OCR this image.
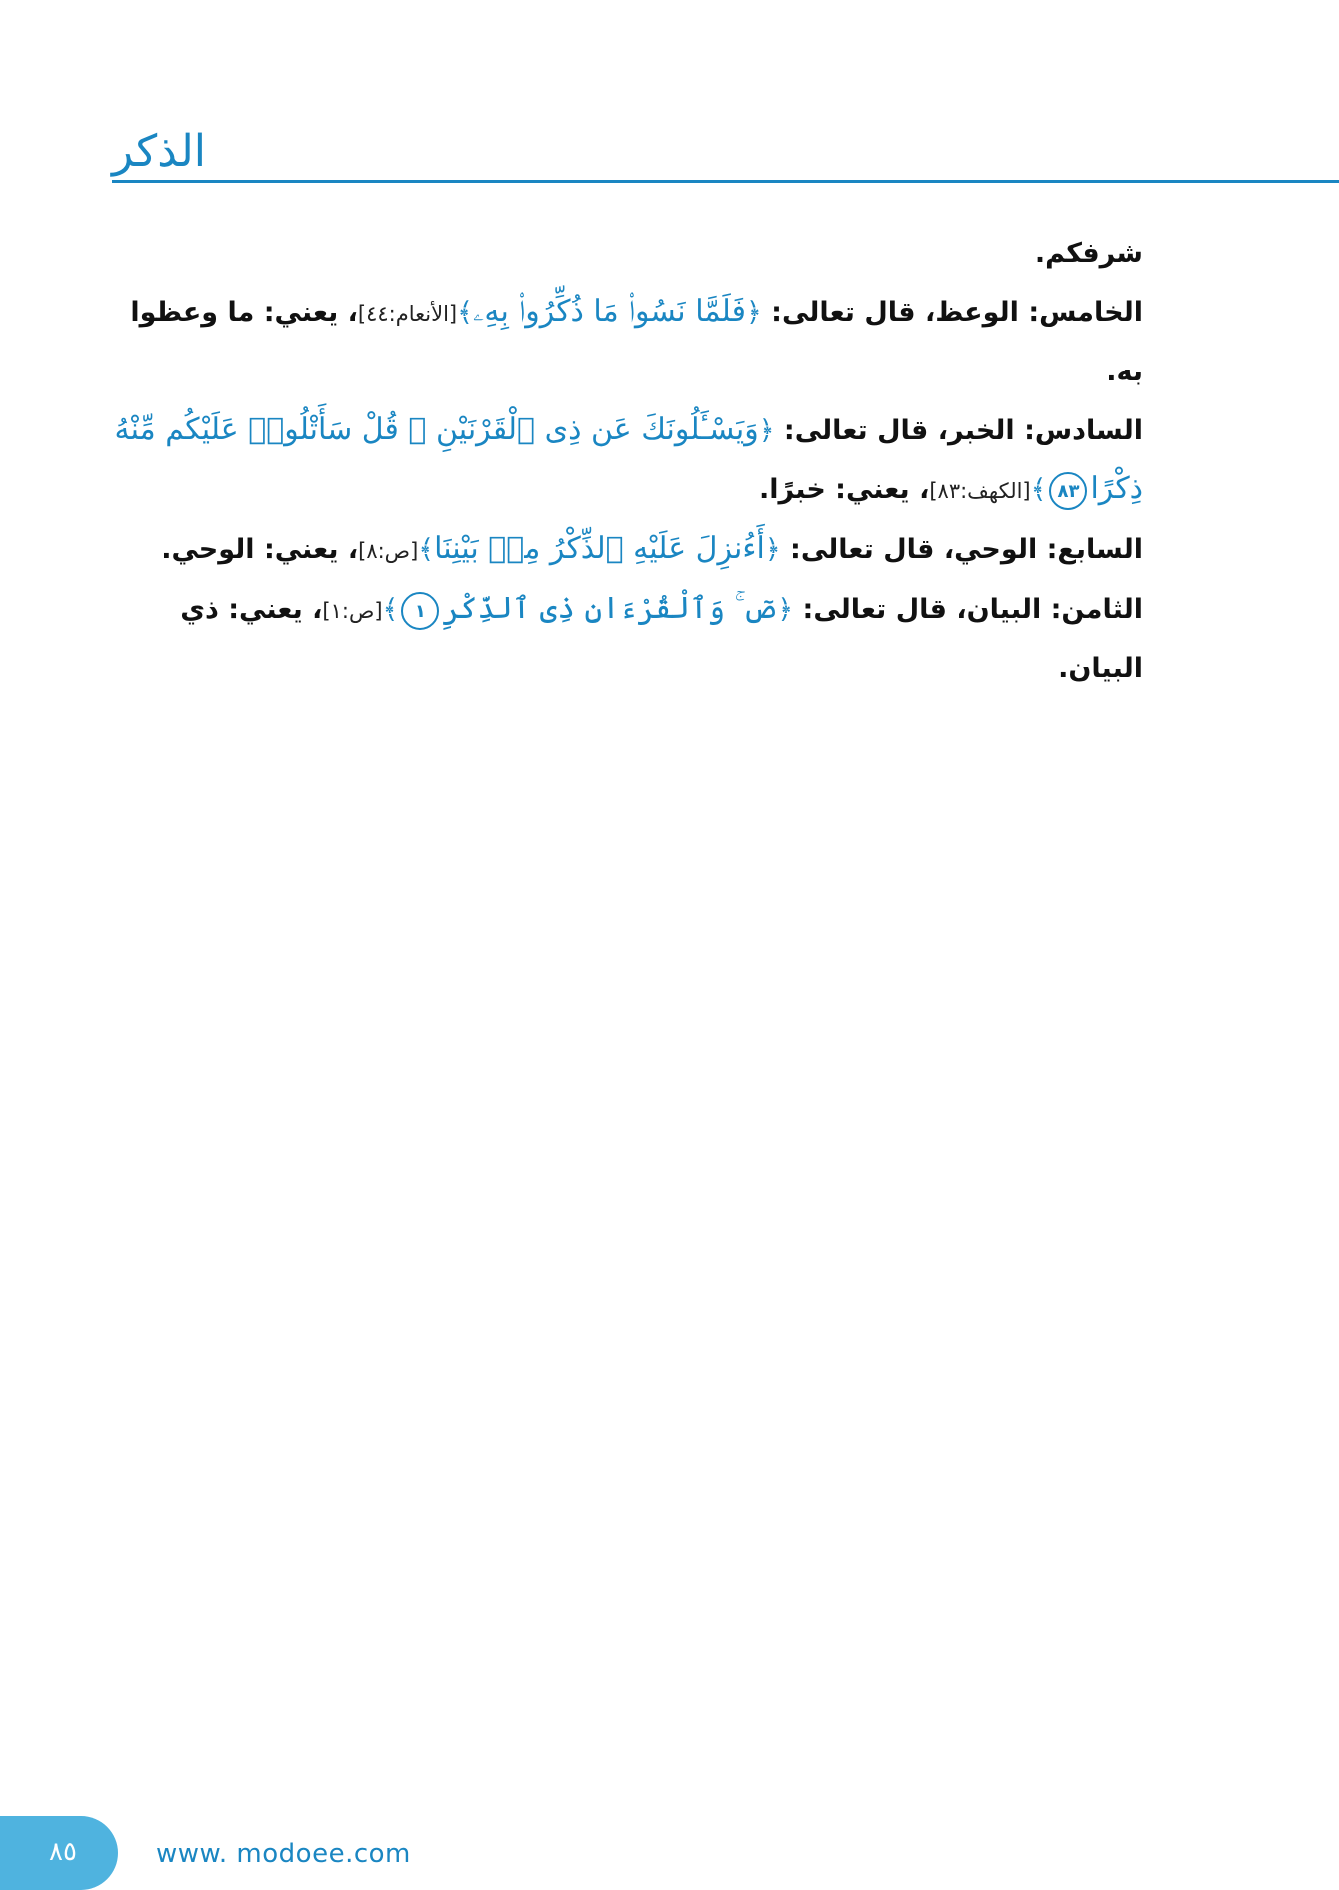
الذكر

شرفكم.

الخامس: الوعظ، قال تعالى: ﴿فَلَمَّا نَسُوا۟ مَا ذُكِّرُوا۟ بِهِۦ﴾[الأنعام:٤٤]، يعني: ما وعظوا به.

السادس: الخبر، قال تعالى: ﴿وَيَسْـَٔلُونَكَ عَن ذِى ٱلْقَرْنَيْنِ ۖ قُلْ سَأَتْلُوا۟ عَلَيْكُم مِّنْهُ ذِكْرًا٨٣﴾[الكهف:٨٣]، يعني: خبرًا.

السابع: الوحي، قال تعالى: ﴿أَءُنزِلَ عَلَيْهِ ٱلذِّكْرُ مِنۢ بَيْنِنَا﴾[ص:٨]، يعني: الوحي.

الثامن: البيان، قال تعالى: ﴿صٓ ۚ وَٱلْقُرْءَانِ ذِى ٱلذِّكْرِ١﴾[ص:١]، يعني: ذي البيان.

٨٥	www. modoee.com
